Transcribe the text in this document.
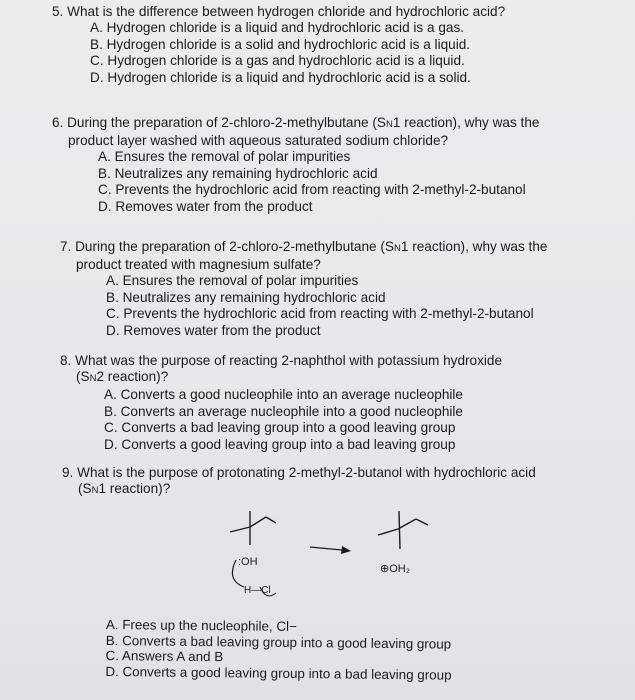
5. What is the difference between hydrogen chloride and hydrochloric acid?
A. Hydrogen chloride is a liquid and hydrochloric acid is a gas.
B. Hydrogen chloride is a solid and hydrochloric acid is a liquid.
C. Hydrogen chloride is a gas and hydrochloric acid is a liquid.
D. Hydrogen chloride is a liquid and hydrochloric acid is a solid.
6. During the preparation of 2-chloro-2-methylbutane (SN1 reaction), why was the
product layer washed with aqueous saturated sodium chloride?
A. Ensures the removal of polar impurities
B. Neutralizes any remaining hydrochloric acid
C. Prevents the hydrochloric acid from reacting with 2-methyl-2-butanol
D. Removes water from the product
7. During the preparation of 2-chloro-2-methylbutane (SN1 reaction), why was the
product treated with magnesium sulfate?
A. Ensures the removal of polar impurities
B. Neutralizes any remaining hydrochloric acid
C. Prevents the hydrochloric acid from reacting with 2-methyl-2-butanol
D. Removes water from the product
8. What was the purpose of reacting 2-naphthol with potassium hydroxide
(SN2 reaction)?
A. Converts a good nucleophile into an average nucleophile
B. Converts an average nucleophile into a good nucleophile
C. Converts a bad leaving group into a good leaving group
D. Converts a good leaving group into a bad leaving group
9. What is the purpose of protonating 2-methyl-2-butanol with hydrochloric acid
(SN1 reaction)?
:OH
H—Cl
⊕OH₂
A. Frees up the nucleophile, Cl−
B. Converts a bad leaving group into a good leaving group
C. Answers A and B
D. Converts a good leaving group into a bad leaving group
